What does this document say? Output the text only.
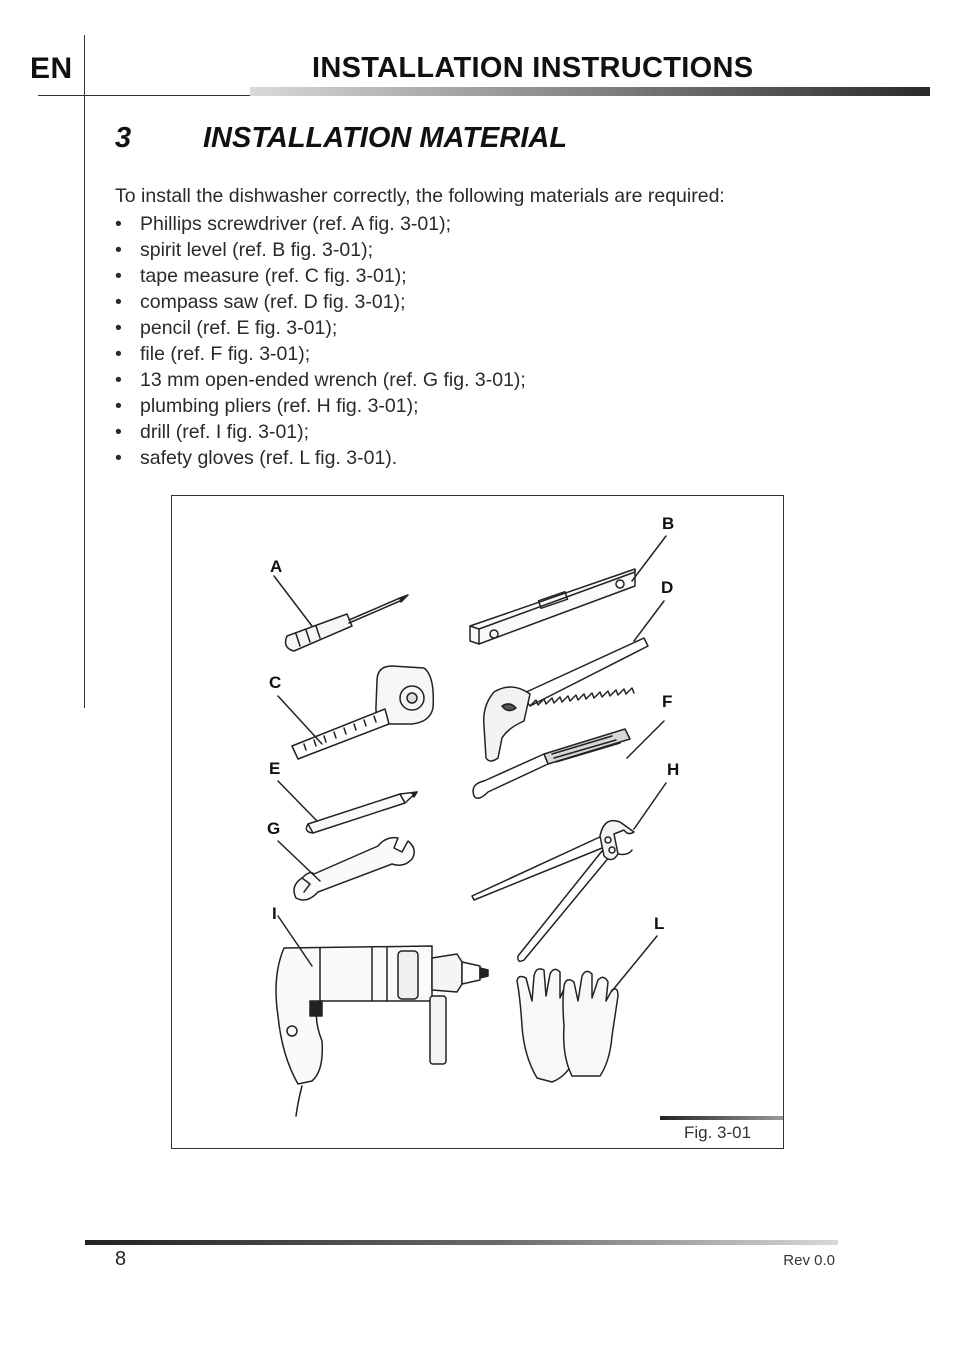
EN	INSTALLATION INSTRUCTIONS
3 INSTALLATION MATERIAL
To install the dishwasher correctly, the following materials are required:
• Phillips screwdriver (ref. A fig. 3-01);
• spirit level (ref. B fig. 3-01);
• tape measure (ref. C fig. 3-01);
• compass saw (ref. D fig. 3-01);
• pencil (ref. E fig. 3-01);
• file (ref. F fig. 3-01);
• 13 mm open-ended wrench (ref. G fig. 3-01);
• plumbing pliers (ref. H fig. 3-01);
• drill (ref. I fig. 3-01);
• safety gloves (ref. L fig. 3-01).
A
B
C
D
E
F
G
H
I
L
Fig. 3-01
8	Rev 0.0
